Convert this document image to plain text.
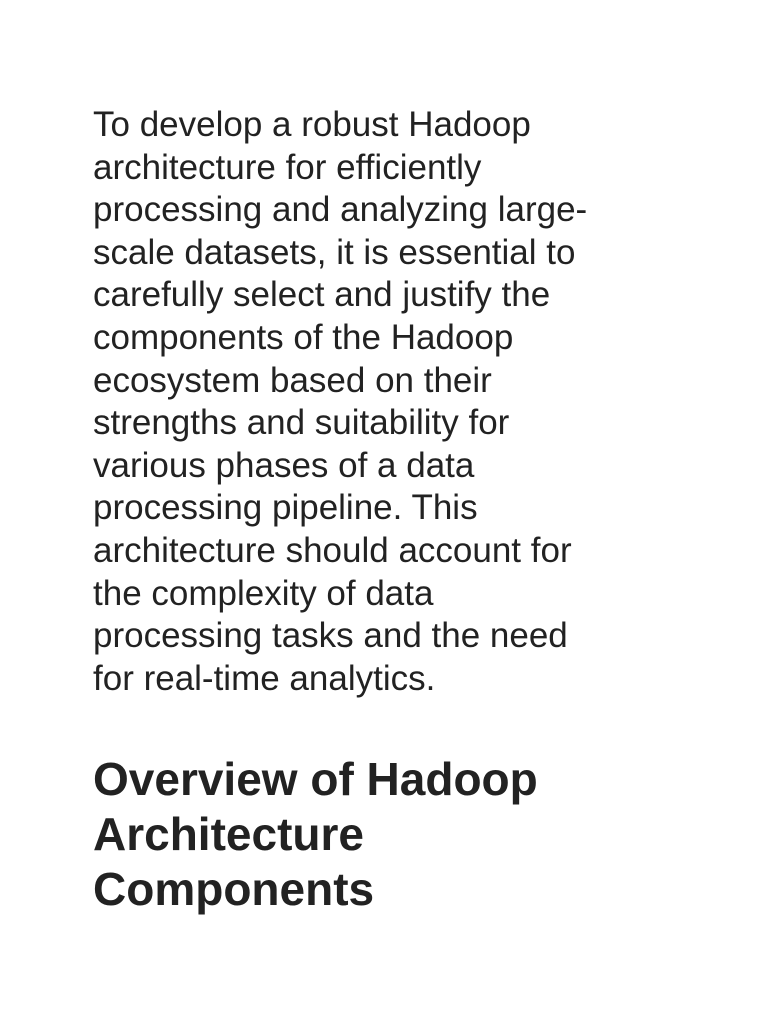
To develop a robust Hadoop
architecture for efficiently
processing and analyzing large-
scale datasets, it is essential to
carefully select and justify the
components of the Hadoop
ecosystem based on their
strengths and suitability for
various phases of a data
processing pipeline. This
architecture should account for
the complexity of data
processing tasks and the need
for real-time analytics.

Overview of Hadoop
Architecture
Components
